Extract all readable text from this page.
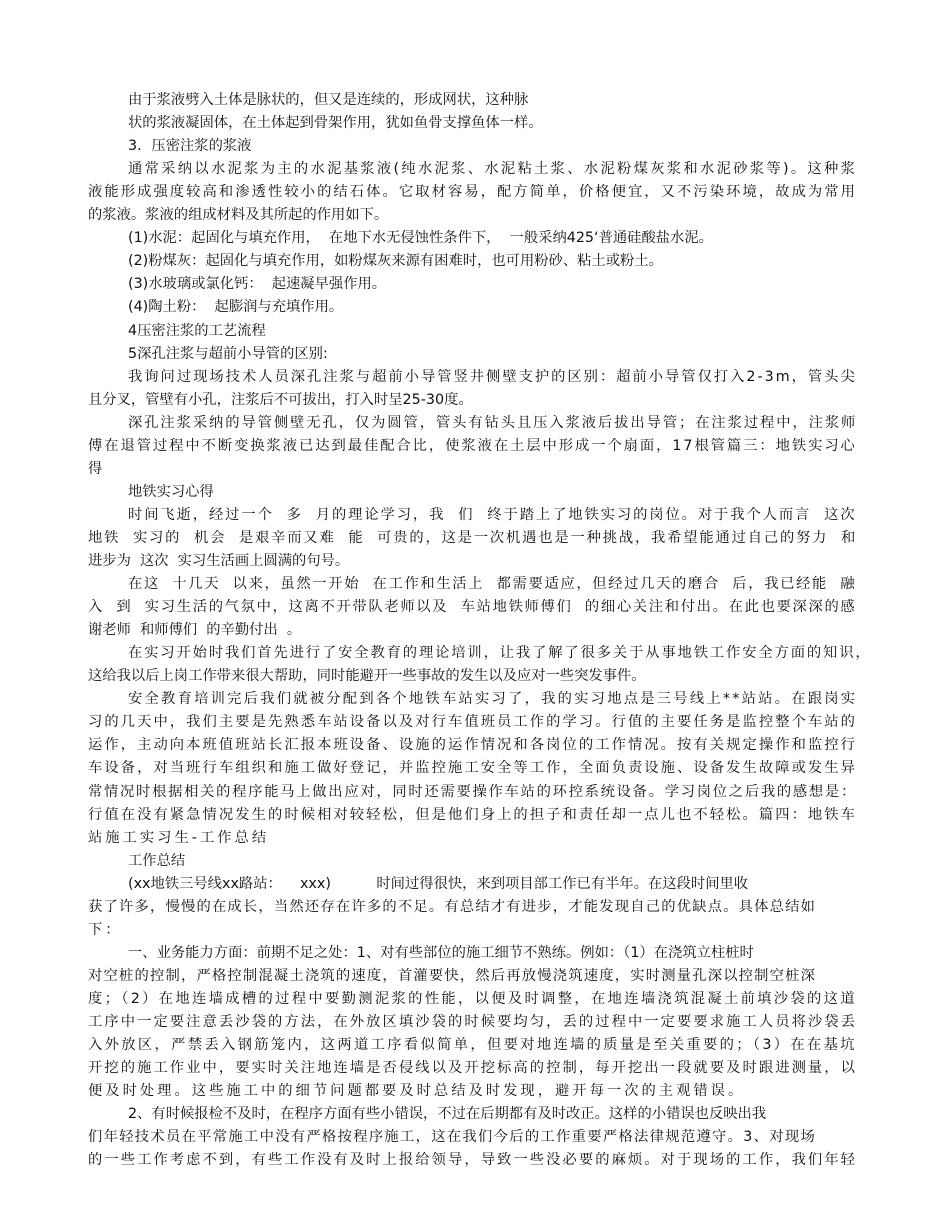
由于浆液劈入土体是脉状的，但又是连续的，形成网状，这种脉

状的浆液凝固体，在土体起到骨架作用，犹如鱼骨支撑鱼体一样。

3．压密注浆的浆液

通常采纳以水泥浆为主的水泥基浆液(纯水泥浆、水泥粘土浆、水泥粉煤灰浆和水泥砂浆等)。这种浆

液能形成强度较高和渗透性较小的结石体。它取材容易，配方简单，价格便宜，又不污染环境，故成为常用

的浆液。浆液的组成材料及其所起的作用如下。

(1)水泥：起固化与填充作用，  在地下水无侵蚀性条件下，  一般采纳425‘普通硅酸盐水泥。

(2)粉煤灰：起固化与填充作用，如粉煤灰来源有困难时，也可用粉砂、粘土或粉土。

(3)水玻璃或氯化钙：  起速凝早强作用。

(4)陶土粉：  起膨润与充填作用。

4压密注浆的工艺流程

5深孔注浆与超前小导管的区别:

我询问过现场技术人员深孔注浆与超前小导管竖井侧壁支护的区别：超前小导管仅打入2-3m，管头尖

且分叉，管壁有小孔，注浆后不可拔出，打入时呈25-30度。

深孔注浆采纳的导管侧壁无孔，仅为圆管，管头有钻头且压入浆液后拔出导管；在注浆过程中，注浆师

傅在退管过程中不断变换浆液已达到最佳配合比，使浆液在土层中形成一个扇面，17根管篇三：地铁实习心

得

地铁实习心得

时间飞逝，经过一个  多  月的理论学习，我  们  终于踏上了地铁实习的岗位。对于我个人而言  这次

地铁  实习的  机会  是艰辛而又难  能  可贵的，这是一次机遇也是一种挑战，我希望能通过自己的努力  和

进步为  这次  实习生活画上圆满的句号。

在这  十几天  以来，虽然一开始  在工作和生活上  都需要适应，但经过几天的磨合  后，我已经能  融

入  到  实习生活的气氛中，这离不开带队老师以及  车站地铁师傅们  的细心关注和付出。在此也要深深的感

谢老师  和师傅们  的辛勤付出  。

在实习开始时我们首先进行了安全教育的理论培训，让我了解了很多关于从事地铁工作安全方面的知识，

这给我以后上岗工作带来很大帮助，同时能避开一些事故的发生以及应对一些突发事件。

安全教育培训完后我们就被分配到各个地铁车站实习了，我的实习地点是三号线上**站站。在跟岗实

习的几天中，我们主要是先熟悉车站设备以及对行车值班员工作的学习。行值的主要任务是监控整个车站的

运作，主动向本班值班站长汇报本班设备、设施的运作情况和各岗位的工作情况。按有关规定操作和监控行

车设备，对当班行车组织和施工做好登记，并监控施工安全等工作，全面负责设施、设备发生故障或发生异

常情况时根据相关的程序能马上做出应对，同时还需要操作车站的环控系统设备。学习岗位之后我的感想是：

行值在没有紧急情况发生的时候相对较轻松，但是他们身上的担子和责任却一点儿也不轻松。篇四：地铁车

站施工实习生-工作总结

工作总结

(xx地铁三号线xx路站：    xxx)          时间过得很快，来到项目部工作已有半年。在这段时间里收

获了许多，慢慢的在成长，当然还存在许多的不足。有总结才有进步，才能发现自己的优缺点。具体总结如

下：

一、业务能力方面：前期不足之处：1、对有些部位的施工细节不熟练。例如：（1）在浇筑立柱桩时

对空桩的控制，严格控制混凝土浇筑的速度，首灌要快，然后再放慢浇筑速度，实时测量孔深以控制空桩深

度；（2）在地连墙成槽的过程中要勤测泥浆的性能，以便及时调整，在地连墙浇筑混凝土前填沙袋的这道

工序中一定要注意丢沙袋的方法，在外放区填沙袋的时候要均匀，丢的过程中一定要要求施工人员将沙袋丢

入外放区，严禁丢入钢筋笼内，这两道工序看似简单，但要对地连墙的质量是至关重要的；（3）在在基坑

开挖的施工作业中，要实时关注地连墙是否侵线以及开挖标高的控制，每开挖出一段就要及时跟进测量，以

便及时处理。这些施工中的细节问题都要及时总结及时发现，避开每一次的主观错误。

2、有时候报检不及时，在程序方面有些小错误，不过在后期都有及时改正。这样的小错误也反映出我

们年轻技术员在平常施工中没有严格按程序施工，这在我们今后的工作重要严格法律规范遵守。3、对现场

的一些工作考虑不到，有些工作没有及时上报给领导，导致一些没必要的麻烦。对于现场的工作，我们年轻
